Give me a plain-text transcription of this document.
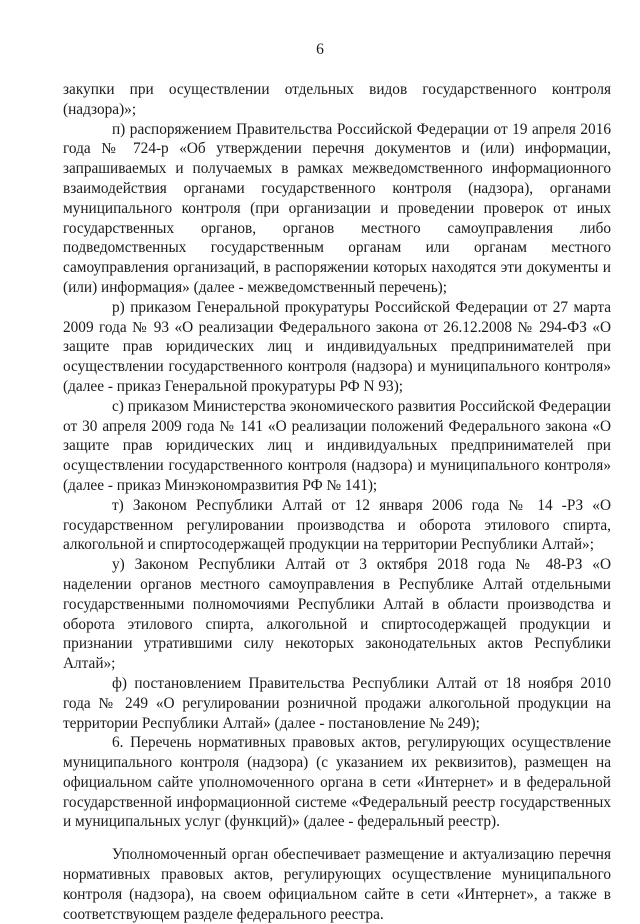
6

закупки при осуществлении отдельных видов государственного контроля (надзора)»;

п) распоряжением Правительства Российской Федерации от 19 апреля 2016 года № 724-р «Об утверждении перечня документов и (или) информации, запрашиваемых и получаемых в рамках межведомственного информационного взаимодействия органами государственного контроля (надзора), органами муниципального контроля (при организации и проведении проверок от иных государственных органов, органов местного самоуправления либо подведомственных государственным органам или органам местного самоуправления организаций, в распоряжении которых находятся эти документы и (или) информация» (далее - межведомственный перечень);

р) приказом Генеральной прокуратуры Российской Федерации от 27 марта 2009 года № 93 «О реализации Федерального закона от 26.12.2008 № 294-ФЗ «О защите прав юридических лиц и индивидуальных предпринимателей при осуществлении государственного контроля (надзора) и муниципального контроля» (далее - приказ Генеральной прокуратуры РФ N 93);

с) приказом Министерства экономического развития Российской Федерации от 30 апреля 2009 года № 141 «О реализации положений Федерального закона «О защите прав юридических лиц и индивидуальных предпринимателей при осуществлении государственного контроля (надзора) и муниципального контроля» (далее - приказ Минэкономразвития РФ № 141);

т) Законом Республики Алтай от 12 января 2006 года № 14 -РЗ «О государственном регулировании производства и оборота этилового спирта, алкогольной и спиртосодержащей продукции на территории Республики Алтай»;

у) Законом Республики Алтай от 3 октября 2018 года № 48-РЗ «О наделении органов местного самоуправления в Республике Алтай отдельными государственными полномочиями Республики Алтай в области производства и оборота этилового спирта, алкогольной и спиртосодержащей продукции и признании утратившими силу некоторых законодательных актов Республики Алтай»;

ф) постановлением Правительства Республики Алтай от 18 ноября 2010 года № 249 «О регулировании розничной продажи алкогольной продукции на территории Республики Алтай» (далее - постановление № 249);

6. Перечень нормативных правовых актов, регулирующих осуществление муниципального контроля (надзора) (с указанием их реквизитов), размещен на официальном сайте уполномоченного органа в сети «Интернет» и в федеральной государственной информационной системе «Федеральный реестр государственных и муниципальных услуг (функций)» (далее - федеральный реестр).

Уполномоченный орган обеспечивает размещение и актуализацию перечня нормативных правовых актов, регулирующих осуществление муниципального контроля (надзора), на своем официальном сайте в сети «Интернет», а также в соответствующем разделе федерального реестра.
